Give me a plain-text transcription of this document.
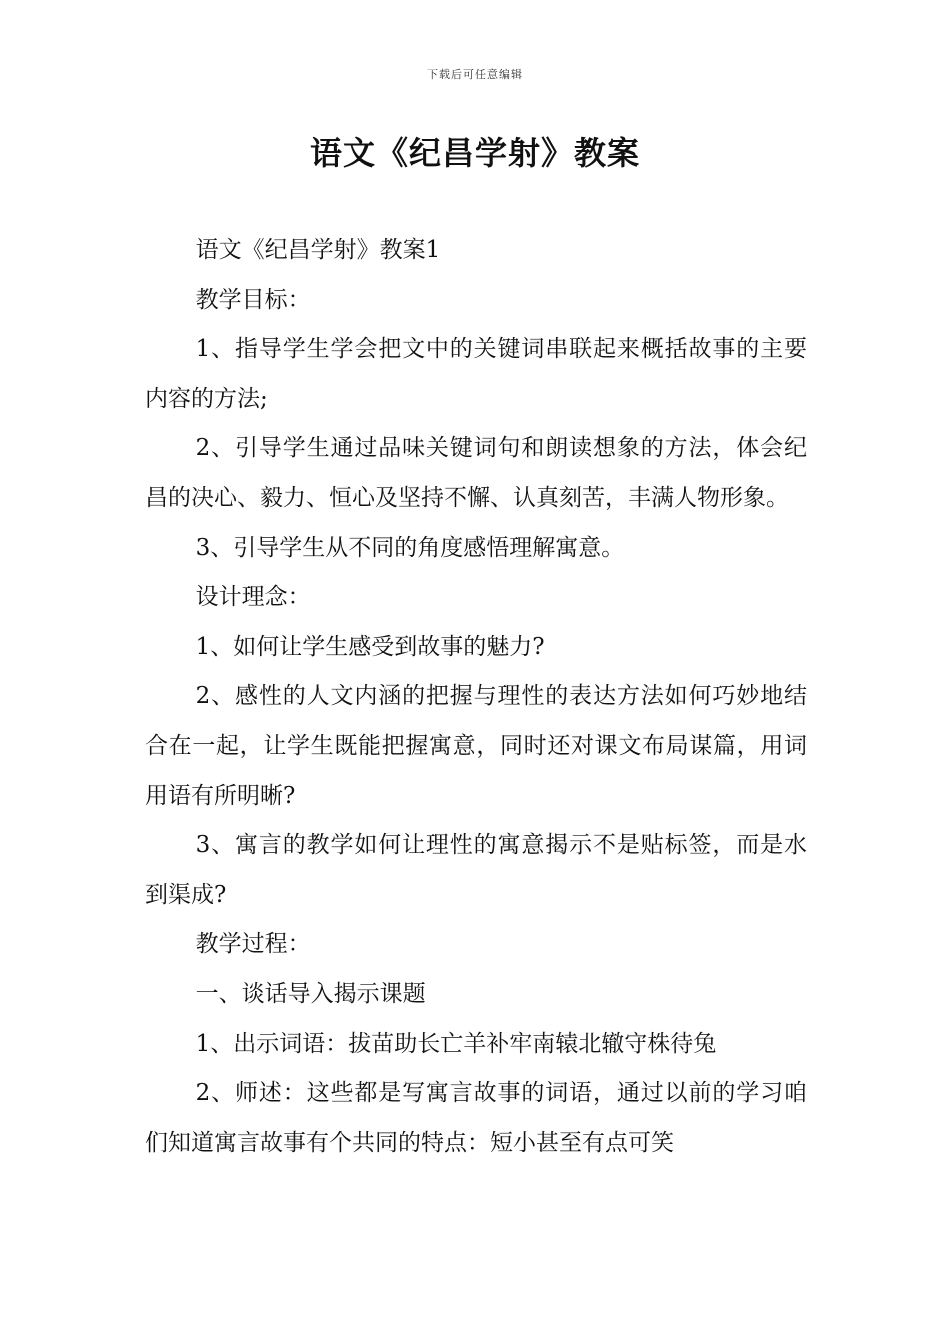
下载后可任意编辑
语文《纪昌学射》教案

语文《纪昌学射》教案1

教学目标：

1、指导学生学会把文中的关键词串联起来概括故事的主要内容的方法;

2、引导学生通过品味关键词句和朗读想象的方法，体会纪昌的决心、毅力、恒心及坚持不懈、认真刻苦，丰满人物形象。

3、引导学生从不同的角度感悟理解寓意。

设计理念：

1、如何让学生感受到故事的魅力?

2、感性的人文内涵的把握与理性的表达方法如何巧妙地结合在一起，让学生既能把握寓意，同时还对课文布局谋篇，用词用语有所明晰?

3、寓言的教学如何让理性的寓意揭示不是贴标签，而是水到渠成?

教学过程：

一、谈话导入揭示课题

1、出示词语：拔苗助长亡羊补牢南辕北辙守株待兔

2、师述：这些都是写寓言故事的词语，通过以前的学习咱们知道寓言故事有个共同的特点：短小甚至有点可笑
